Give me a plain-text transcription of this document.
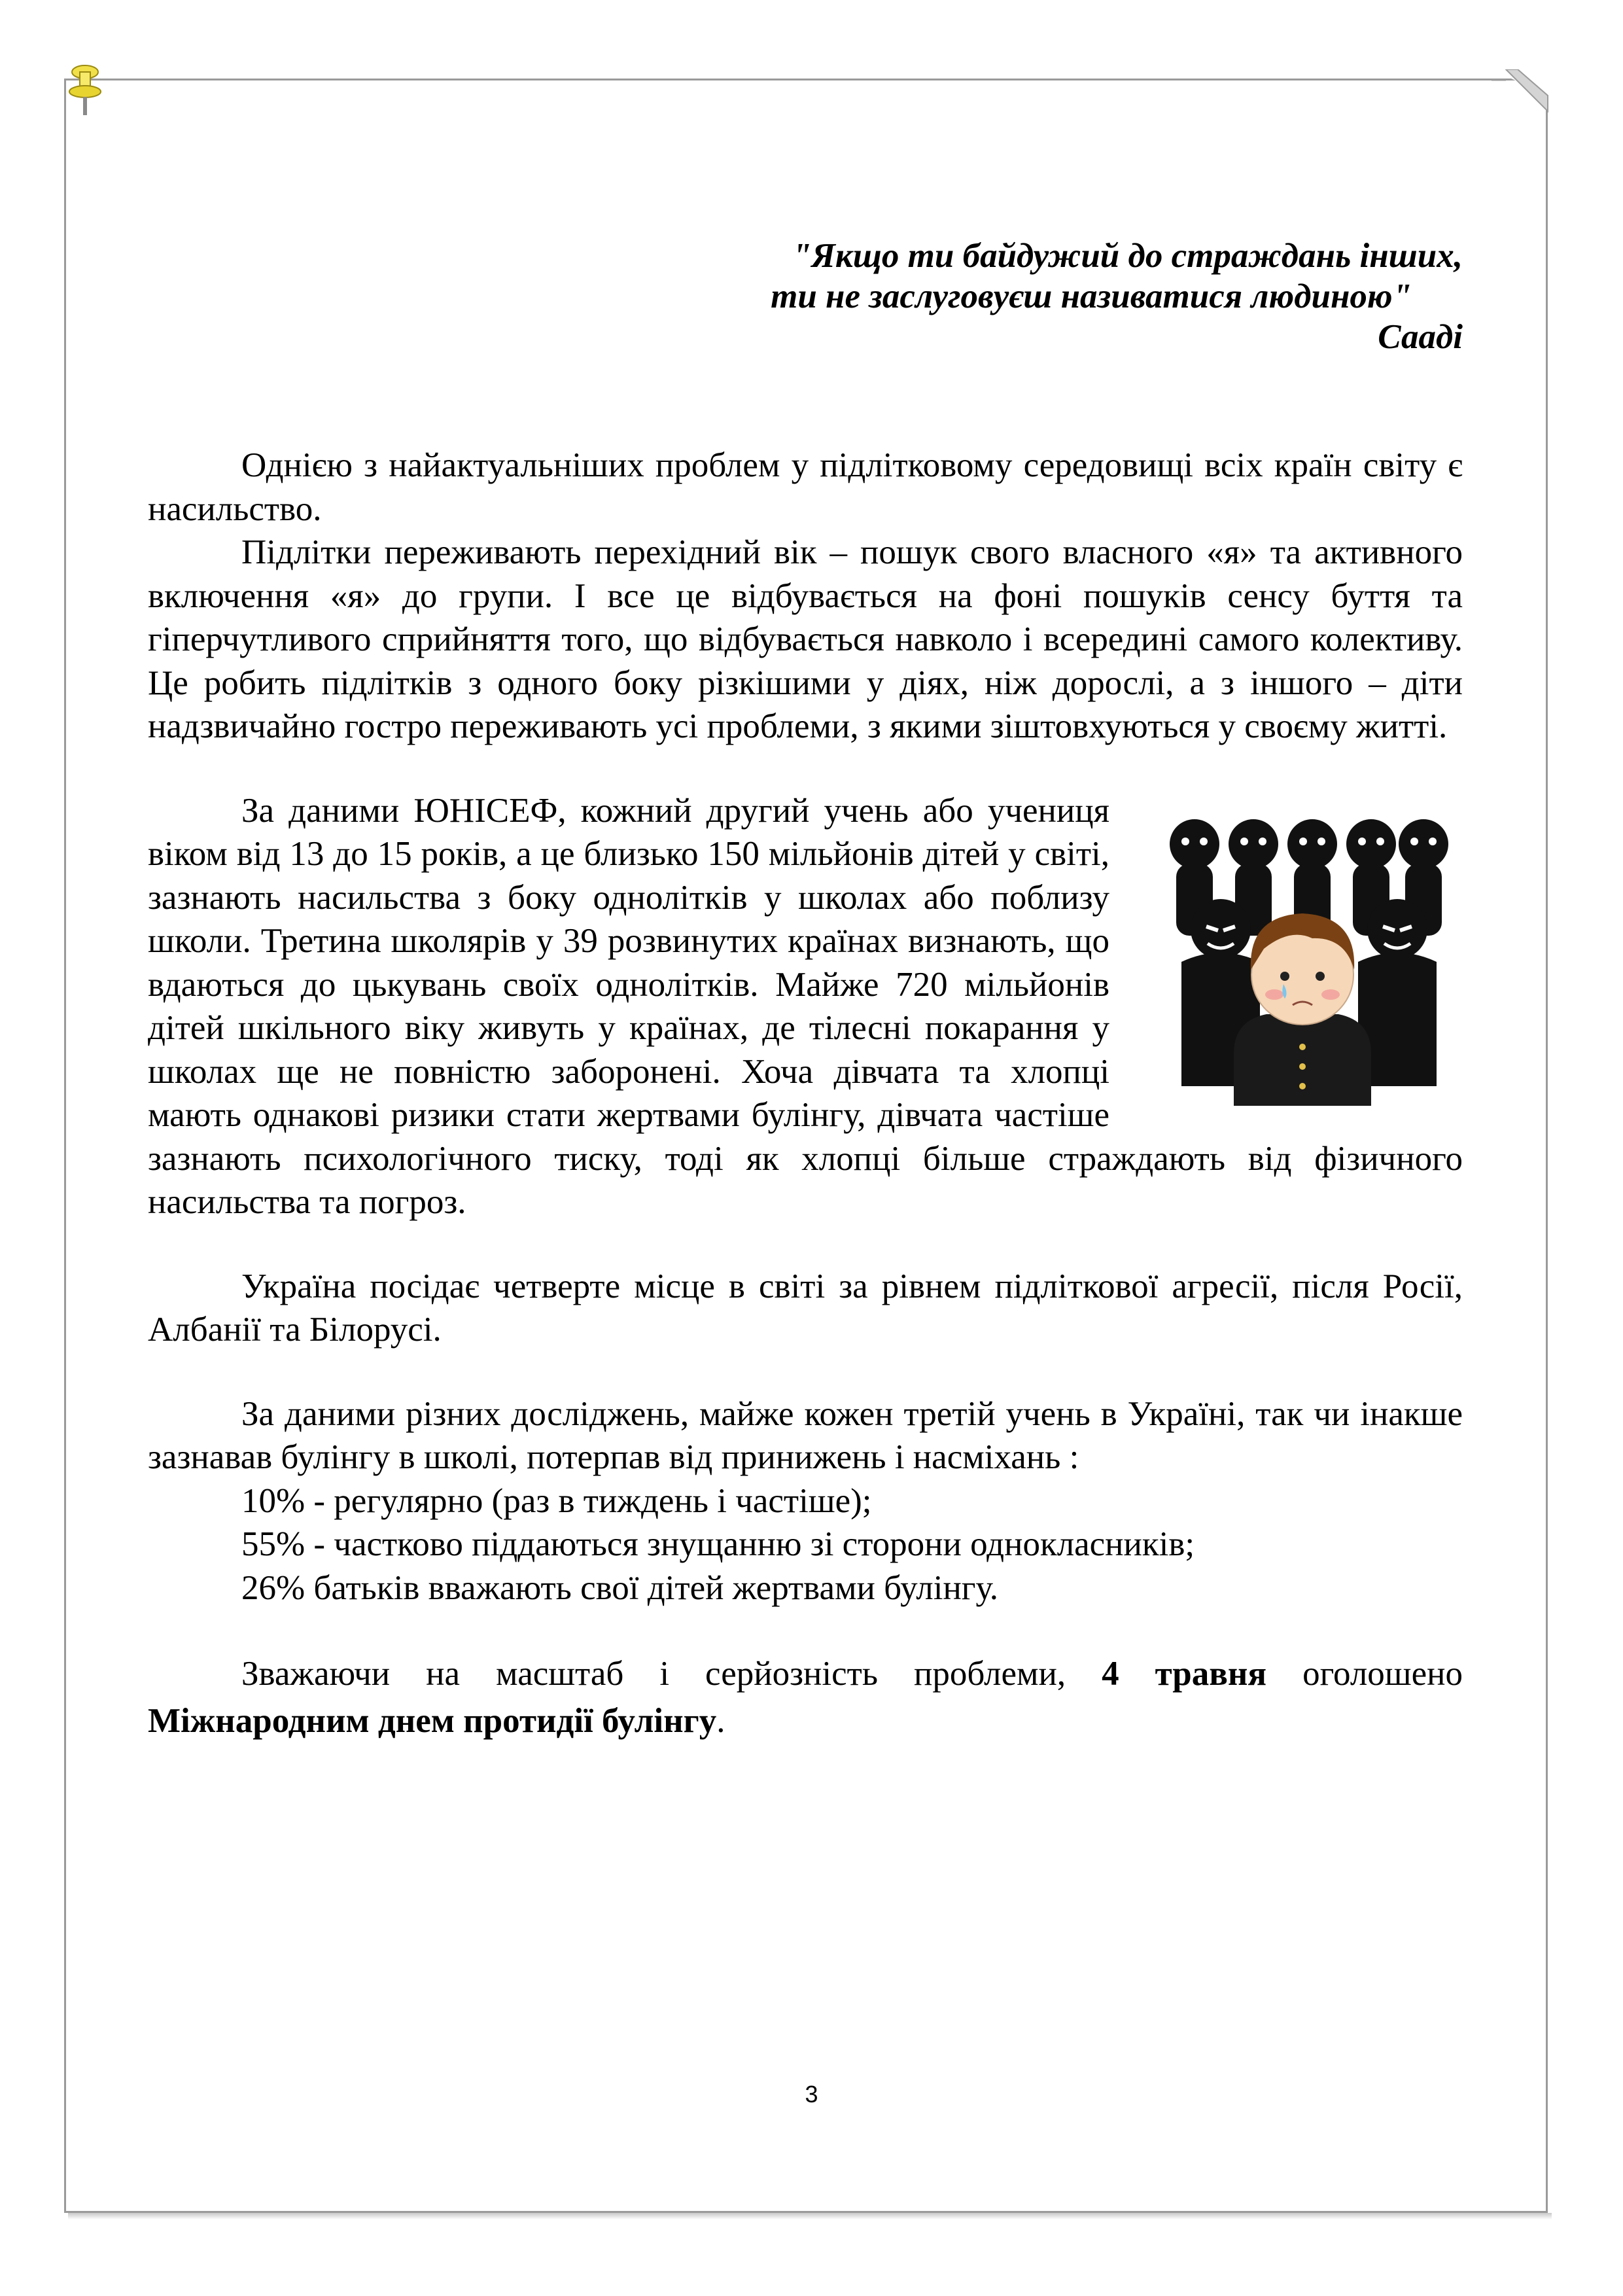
"Якщо ти байдужий до страждань інших,
ти не заслуговуєш називатися людиною"
Сааді

Однією з найактуальніших проблем у підлітковому середовищі всіх країн світу є насильство.

Підлітки переживають перехідний вік – пошук свого власного «я» та активного включення «я» до групи. І все це відбувається на фоні пошуків сенсу буття та гіперчутливого сприйняття того, що відбувається навколо і всередині самого колективу. Це робить підлітків з одного боку різкішими у діях, ніж дорослі, а з іншого – діти надзвичайно гостро переживають усі проблеми, з якими зіштовхуються у своєму житті.

За даними ЮНІСЕФ, кожний другий учень або учениця віком від 13 до 15 років, а це близько 150 мільйонів дітей у світі, зазнають насильства з боку однолітків у школах або поблизу школи. Третина школярів у 39 розвинутих країнах визнають, що вдаються до цькувань своїх однолітків. Майже 720 мільйонів дітей шкільного віку живуть у країнах, де тілесні покарання у школах ще не повністю заборонені. Хоча дівчата та хлопці мають однакові ризики стати жертвами булінгу, дівчата частіше зазнають психологічного тиску, тоді як хлопці більше страждають від фізичного насильства та погроз.

Україна посідає четверте місце в світі за рівнем підліткової агресії, після Росії, Албанії та Білорусі.

За даними різних досліджень, майже кожен третій учень в Україні, так чи інакше зазнавав булінгу в школі, потерпав від принижень і насміхань :

10% - регулярно (раз в тиждень і частіше);

55% - частково піддаються знущанню зі сторони однокласників;

26% батьків вважають свої дітей жертвами булінгу.

Зважаючи на масштаб і серйозність проблеми, 4 травня оголошено Міжнародним днем протидії булінгу.

3
